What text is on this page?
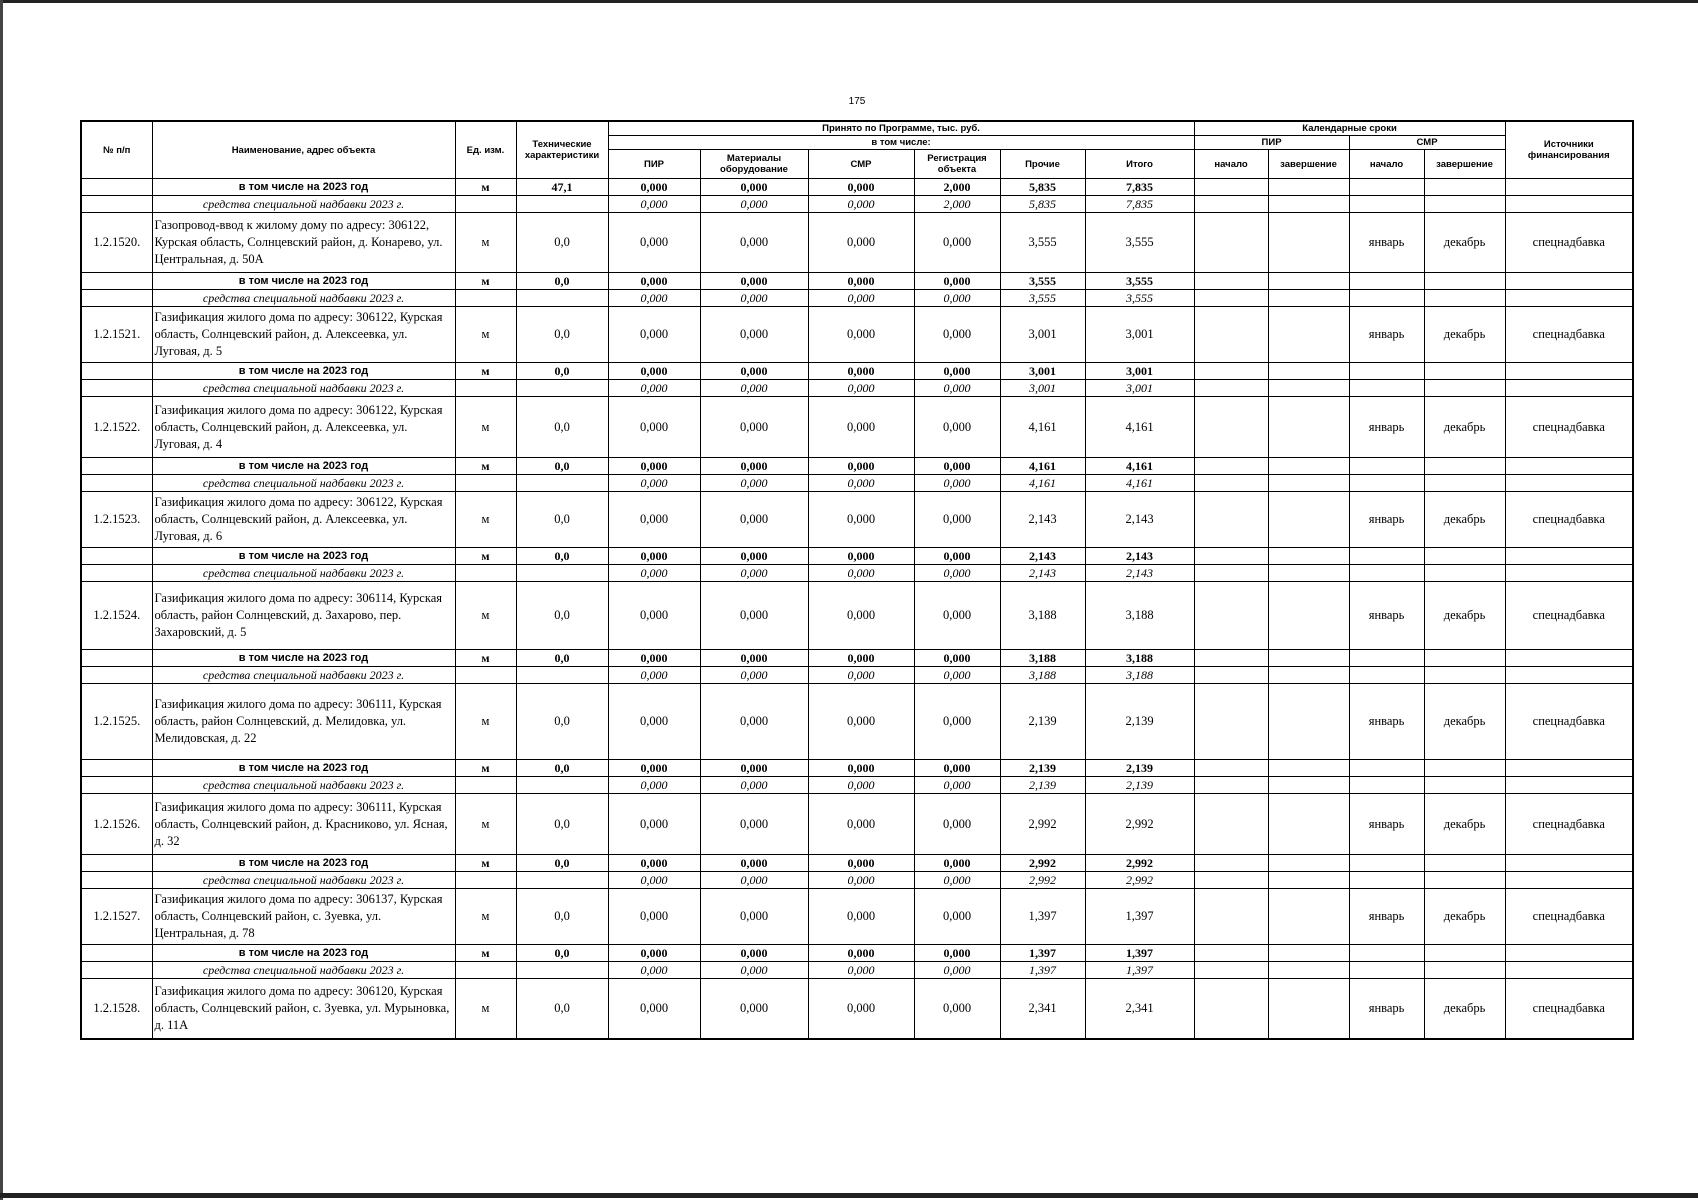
175
№ п/п	Наименование, адрес объекта	Ед. изм.	Технические характеристики	Принято по Программе, тыс. руб.						Календарные сроки				Источники финансирования
				в том числе:						ПИР		СМР		
				ПИР	Материалы оборудование	СМР	Регистрация объекта	Прочие	Итого	начало	завершение	начало	завершение	
	в том числе на 2023 год	м	47,1	0,000	0,000	0,000	2,000	5,835	7,835					
	средства специальной надбавки 2023 г.			0,000	0,000	0,000	2,000	5,835	7,835					
1.2.1520.	Газопровод-ввод к жилому дому по адресу: 306122, Курская область, Солнцевский район, д. Конарево, ул. Центральная, д. 50А	м	0,0	0,000	0,000	0,000	0,000	3,555	3,555			январь	декабрь	спецнадбавка
	в том числе на 2023 год	м	0,0	0,000	0,000	0,000	0,000	3,555	3,555					
	средства специальной надбавки 2023 г.			0,000	0,000	0,000	0,000	3,555	3,555					
1.2.1521.	Газификация жилого дома по адресу: 306122, Курская область, Солнцевский район, д. Алексеевка, ул. Луговая, д. 5	м	0,0	0,000	0,000	0,000	0,000	3,001	3,001			январь	декабрь	спецнадбавка
	в том числе на 2023 год	м	0,0	0,000	0,000	0,000	0,000	3,001	3,001					
	средства специальной надбавки 2023 г.			0,000	0,000	0,000	0,000	3,001	3,001					
1.2.1522.	Газификация жилого дома по адресу: 306122, Курская область, Солнцевский район, д. Алексеевка, ул. Луговая, д. 4	м	0,0	0,000	0,000	0,000	0,000	4,161	4,161			январь	декабрь	спецнадбавка
	в том числе на 2023 год	м	0,0	0,000	0,000	0,000	0,000	4,161	4,161					
	средства специальной надбавки 2023 г.			0,000	0,000	0,000	0,000	4,161	4,161					
1.2.1523.	Газификация жилого дома по адресу: 306122, Курская область, Солнцевский район, д. Алексеевка, ул. Луговая, д. 6	м	0,0	0,000	0,000	0,000	0,000	2,143	2,143			январь	декабрь	спецнадбавка
	в том числе на 2023 год	м	0,0	0,000	0,000	0,000	0,000	2,143	2,143					
	средства специальной надбавки 2023 г.			0,000	0,000	0,000	0,000	2,143	2,143					
1.2.1524.	Газификация жилого дома по адресу: 306114, Курская область, район Солнцевский, д. Захарово, пер. Захаровский, д. 5	м	0,0	0,000	0,000	0,000	0,000	3,188	3,188			январь	декабрь	спецнадбавка
	в том числе на 2023 год	м	0,0	0,000	0,000	0,000	0,000	3,188	3,188					
	средства специальной надбавки 2023 г.			0,000	0,000	0,000	0,000	3,188	3,188					
1.2.1525.	Газификация жилого дома по адресу: 306111, Курская область, район Солнцевский, д. Мелидовка, ул. Мелидовская, д. 22	м	0,0	0,000	0,000	0,000	0,000	2,139	2,139			январь	декабрь	спецнадбавка
	в том числе на 2023 год	м	0,0	0,000	0,000	0,000	0,000	2,139	2,139					
	средства специальной надбавки 2023 г.			0,000	0,000	0,000	0,000	2,139	2,139					
1.2.1526.	Газификация жилого дома по адресу: 306111, Курская область, Солнцевский район, д. Красниково, ул. Ясная, д. 32	м	0,0	0,000	0,000	0,000	0,000	2,992	2,992			январь	декабрь	спецнадбавка
	в том числе на 2023 год	м	0,0	0,000	0,000	0,000	0,000	2,992	2,992					
	средства специальной надбавки 2023 г.			0,000	0,000	0,000	0,000	2,992	2,992					
1.2.1527.	Газификация жилого дома по адресу: 306137, Курская область, Солнцевский район, с. Зуевка, ул. Центральная, д. 78	м	0,0	0,000	0,000	0,000	0,000	1,397	1,397			январь	декабрь	спецнадбавка
	в том числе на 2023 год	м	0,0	0,000	0,000	0,000	0,000	1,397	1,397					
	средства специальной надбавки 2023 г.			0,000	0,000	0,000	0,000	1,397	1,397					
1.2.1528.	Газификация жилого дома по адресу: 306120, Курская область, Солнцевский район, с. Зуевка, ул. Мурыновка, д. 11А	м	0,0	0,000	0,000	0,000	0,000	2,341	2,341			январь	декабрь	спецнадбавка
